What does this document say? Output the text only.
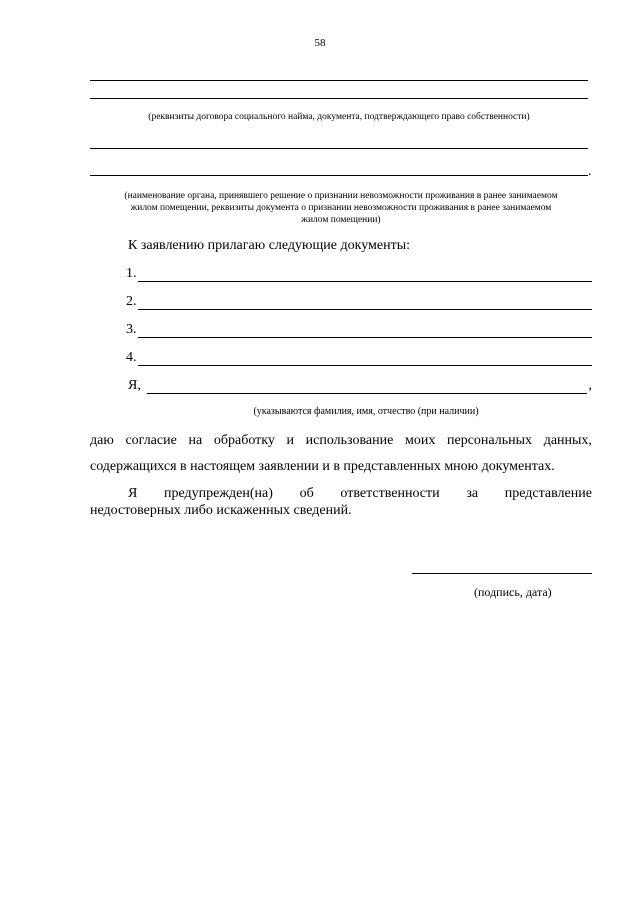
58
(реквизиты договора социального найма, документа, подтверждающего право собственности)
.
(наименование органа, принявшего решение о признании невозможности проживания в ранее занимаемом
жилом помещении, реквизиты документа о признании невозможности проживания в ранее занимаемом
жилом помещении)
К заявлению прилагаю следующие документы:
1.
2.
3.
4.
Я,	,
(указываются фамилия, имя, отчество (при наличии)
даю согласие на обработку и использование моих персональных данных,
содержащихся в настоящем заявлении и в представленных мною документах.
Я предупрежден(на) об ответственности за представление
недостоверных либо искаженных сведений.
(подпись, дата)
